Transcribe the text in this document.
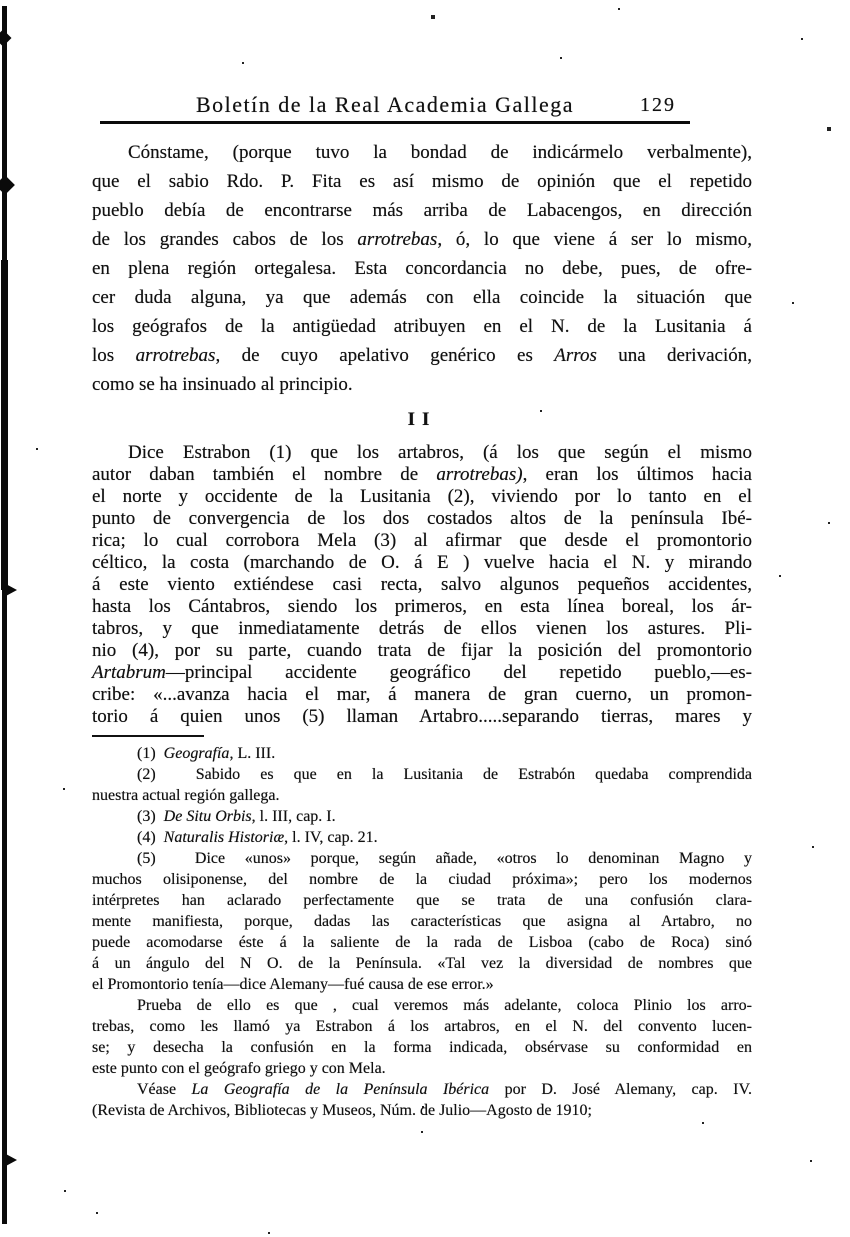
Boletín de la Real Academia Gallega	129
Cónstame, (porque tuvo la bondad de indicármelo verbalmente),
que el sabio Rdo. P. Fita es así mismo de opinión que el repetido
pueblo debía de encontrarse más arriba de Labacengos, en dirección
de los grandes cabos de los arrotrebas, ó, lo que viene á ser lo mismo,
en plena región ortegalesa. Esta concordancia no debe, pues, de ofre-
cer duda alguna, ya que además con ella coincide la situación que
los geógrafos de la antigüedad atribuyen en el N. de la Lusitania á
los arrotrebas, de cuyo apelativo genérico es Arros una derivación,
como se ha insinuado al principio.
II
Dice Estrabon (1) que los artabros, (á los que según el mismo
autor daban también el nombre de arrotrebas), eran los últimos hacia
el norte y occidente de la Lusitania (2), viviendo por lo tanto en el
punto de convergencia de los dos costados altos de la península Ibé-
rica; lo cual corrobora Mela (3) al afirmar que desde el promontorio
céltico, la costa (marchando de O. á E ) vuelve hacia el N. y mirando
á este viento extiéndese casi recta, salvo algunos pequeños accidentes,
hasta los Cántabros, siendo los primeros, en esta línea boreal, los ár-
tabros, y que inmediatamente detrás de ellos vienen los astures. Pli-
nio (4), por su parte, cuando trata de fijar la posición del promontorio
Artabrum—principal accidente geográfico del repetido pueblo,—es-
cribe: «...avanza hacia el mar, á manera de gran cuerno, un promon-
torio á quien unos (5) llaman Artabro.....separando tierras, mares y
(1)  Geografía, L. III.
(2)  Sabido es que en la Lusitania de Estrabón quedaba comprendida
nuestra actual región gallega.
(3)  De Situ Orbis, l. III, cap. I.
(4)  Naturalis Historiæ, l. IV, cap. 21.
(5)  Dice «unos» porque, según añade, «otros lo denominan Magno y
muchos olisiponense, del nombre de la ciudad próxima»; pero los modernos
intérpretes han aclarado perfectamente que se trata de una confusión clara-
mente manifiesta, porque, dadas las características que asigna al Artabro, no
puede acomodarse éste á la saliente de la rada de Lisboa (cabo de Roca) sinó
á un ángulo del N O. de la Península. «Tal vez la diversidad de nombres que
el Promontorio tenía—dice Alemany—fué causa de ese error.»
Prueba de ello es que , cual veremos más adelante, coloca Plinio los arro-
trebas, como les llamó ya Estrabon á los artabros, en el N. del convento lucen-
se; y desecha la confusión en la forma indicada, obsérvase su conformidad en
este punto con el geógrafo griego y con Mela.
Véase La Geografía de la Península Ibérica por D. José Alemany, cap. IV.
(Revista de Archivos, Bibliotecas y Museos, Núm. de Julio—Agosto de 1910;
